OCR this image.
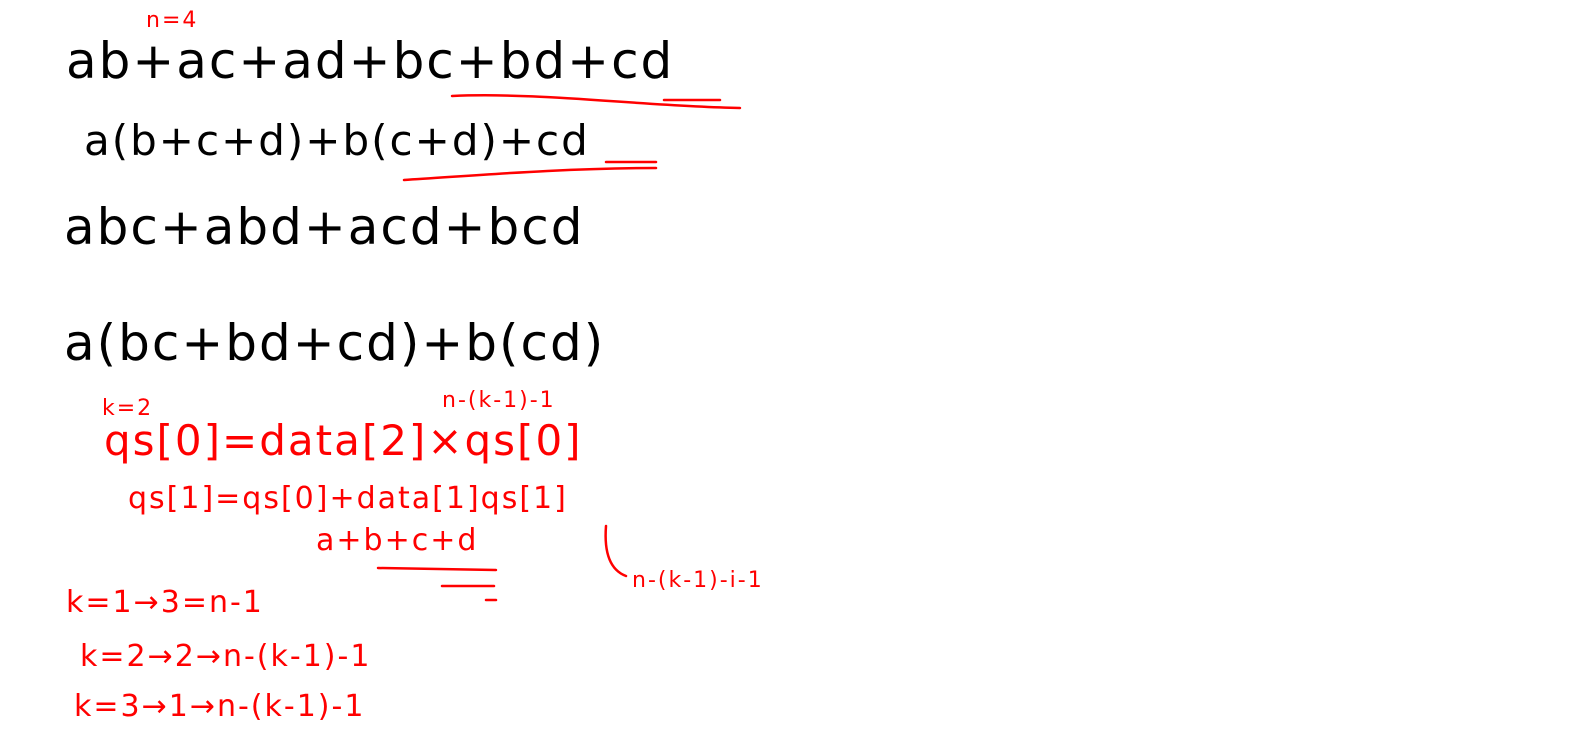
n=4
ab+ac+ad+bc+bd+cd
a(b+c+d)+b(c+d)+cd
abc+abd+acd+bcd
a(bc+bd+cd)+b(cd)
k=2	n-(k-1)-1
qs[0]=data[2]×qs[0]
qs[1]=qs[0]+data[1]qs[1]
a+b+c+d
n-(k-1)-i-1
k=1→3=n-1
k=2→2→n-(k-1)-1
k=3→1→n-(k-1)-1
